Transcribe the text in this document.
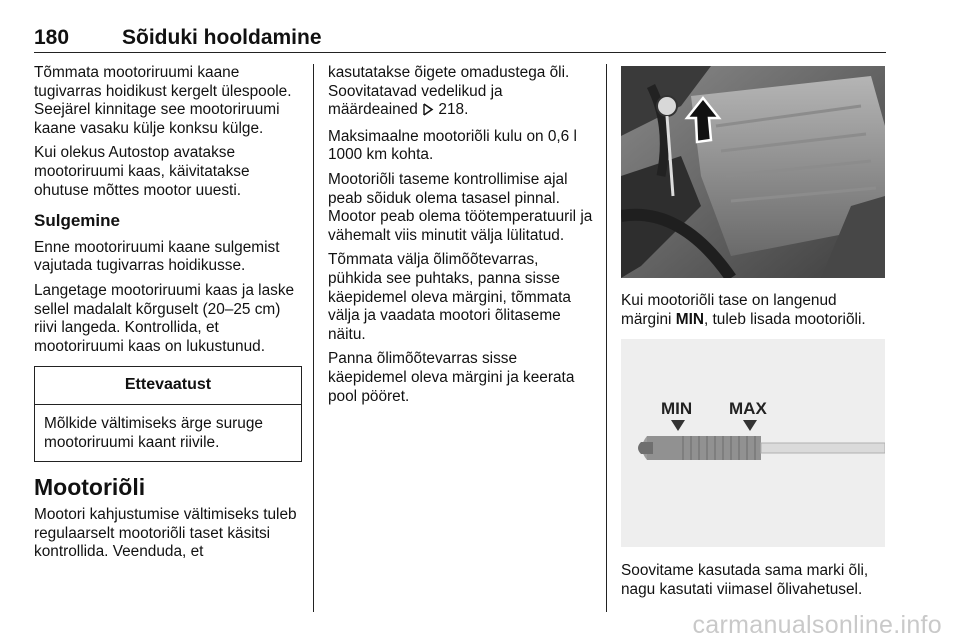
180	Sõiduki hooldamine

Tõmmata mootoriruumi kaane tugivarras hoidikust kergelt ülespoole. Seejärel kinnitage see mootoriruumi kaane vasaku külje konksu külge.

Kui olekus Autostop avatakse mootoriruumi kaas, käivitatakse ohutuse mõttes mootor uuesti.

Sulgemine

Enne mootoriruumi kaane sulgemist vajutada tugivarras hoidikusse.

Langetage mootoriruumi kaas ja laske sellel madalalt kõrguselt (20–25 cm) riivi langeda. Kontrollida, et mootoriruumi kaas on lukustunud.

Ettevaatust
Mõlkide vältimiseks ärge suruge mootoriruumi kaant riivile.
Mootoriõli

Mootori kahjustumise vältimiseks tuleb regulaarselt mootoriõli taset käsitsi kontrollida. Veenduda, et

kasutatakse õigete omadustega õli. Soovitatavad vedelikud ja määrdeained 218.

Maksimaalne mootoriõli kulu on 0,6 l 1000 km kohta.

Mootoriõli taseme kontrollimise ajal peab sõiduk olema tasasel pinnal. Mootor peab olema töötemperatuuril ja vähemalt viis minutit välja lülitatud.

Tõmmata välja õlimõõtevarras, pühkida see puhtaks, panna sisse käepidemel oleva märgini, tõmmata välja ja vaadata mootori õlitaseme näitu.

Panna õlimõõtevarras sisse käepidemel oleva märgini ja keerata pool pööret.

Kui mootoriõli tase on langenud märgini MIN, tuleb lisada mootoriõli.
MIN MAX
Soovitame kasutada sama marki õli, nagu kasutati viimasel õlivahetusel.
carmanualsonline.info
